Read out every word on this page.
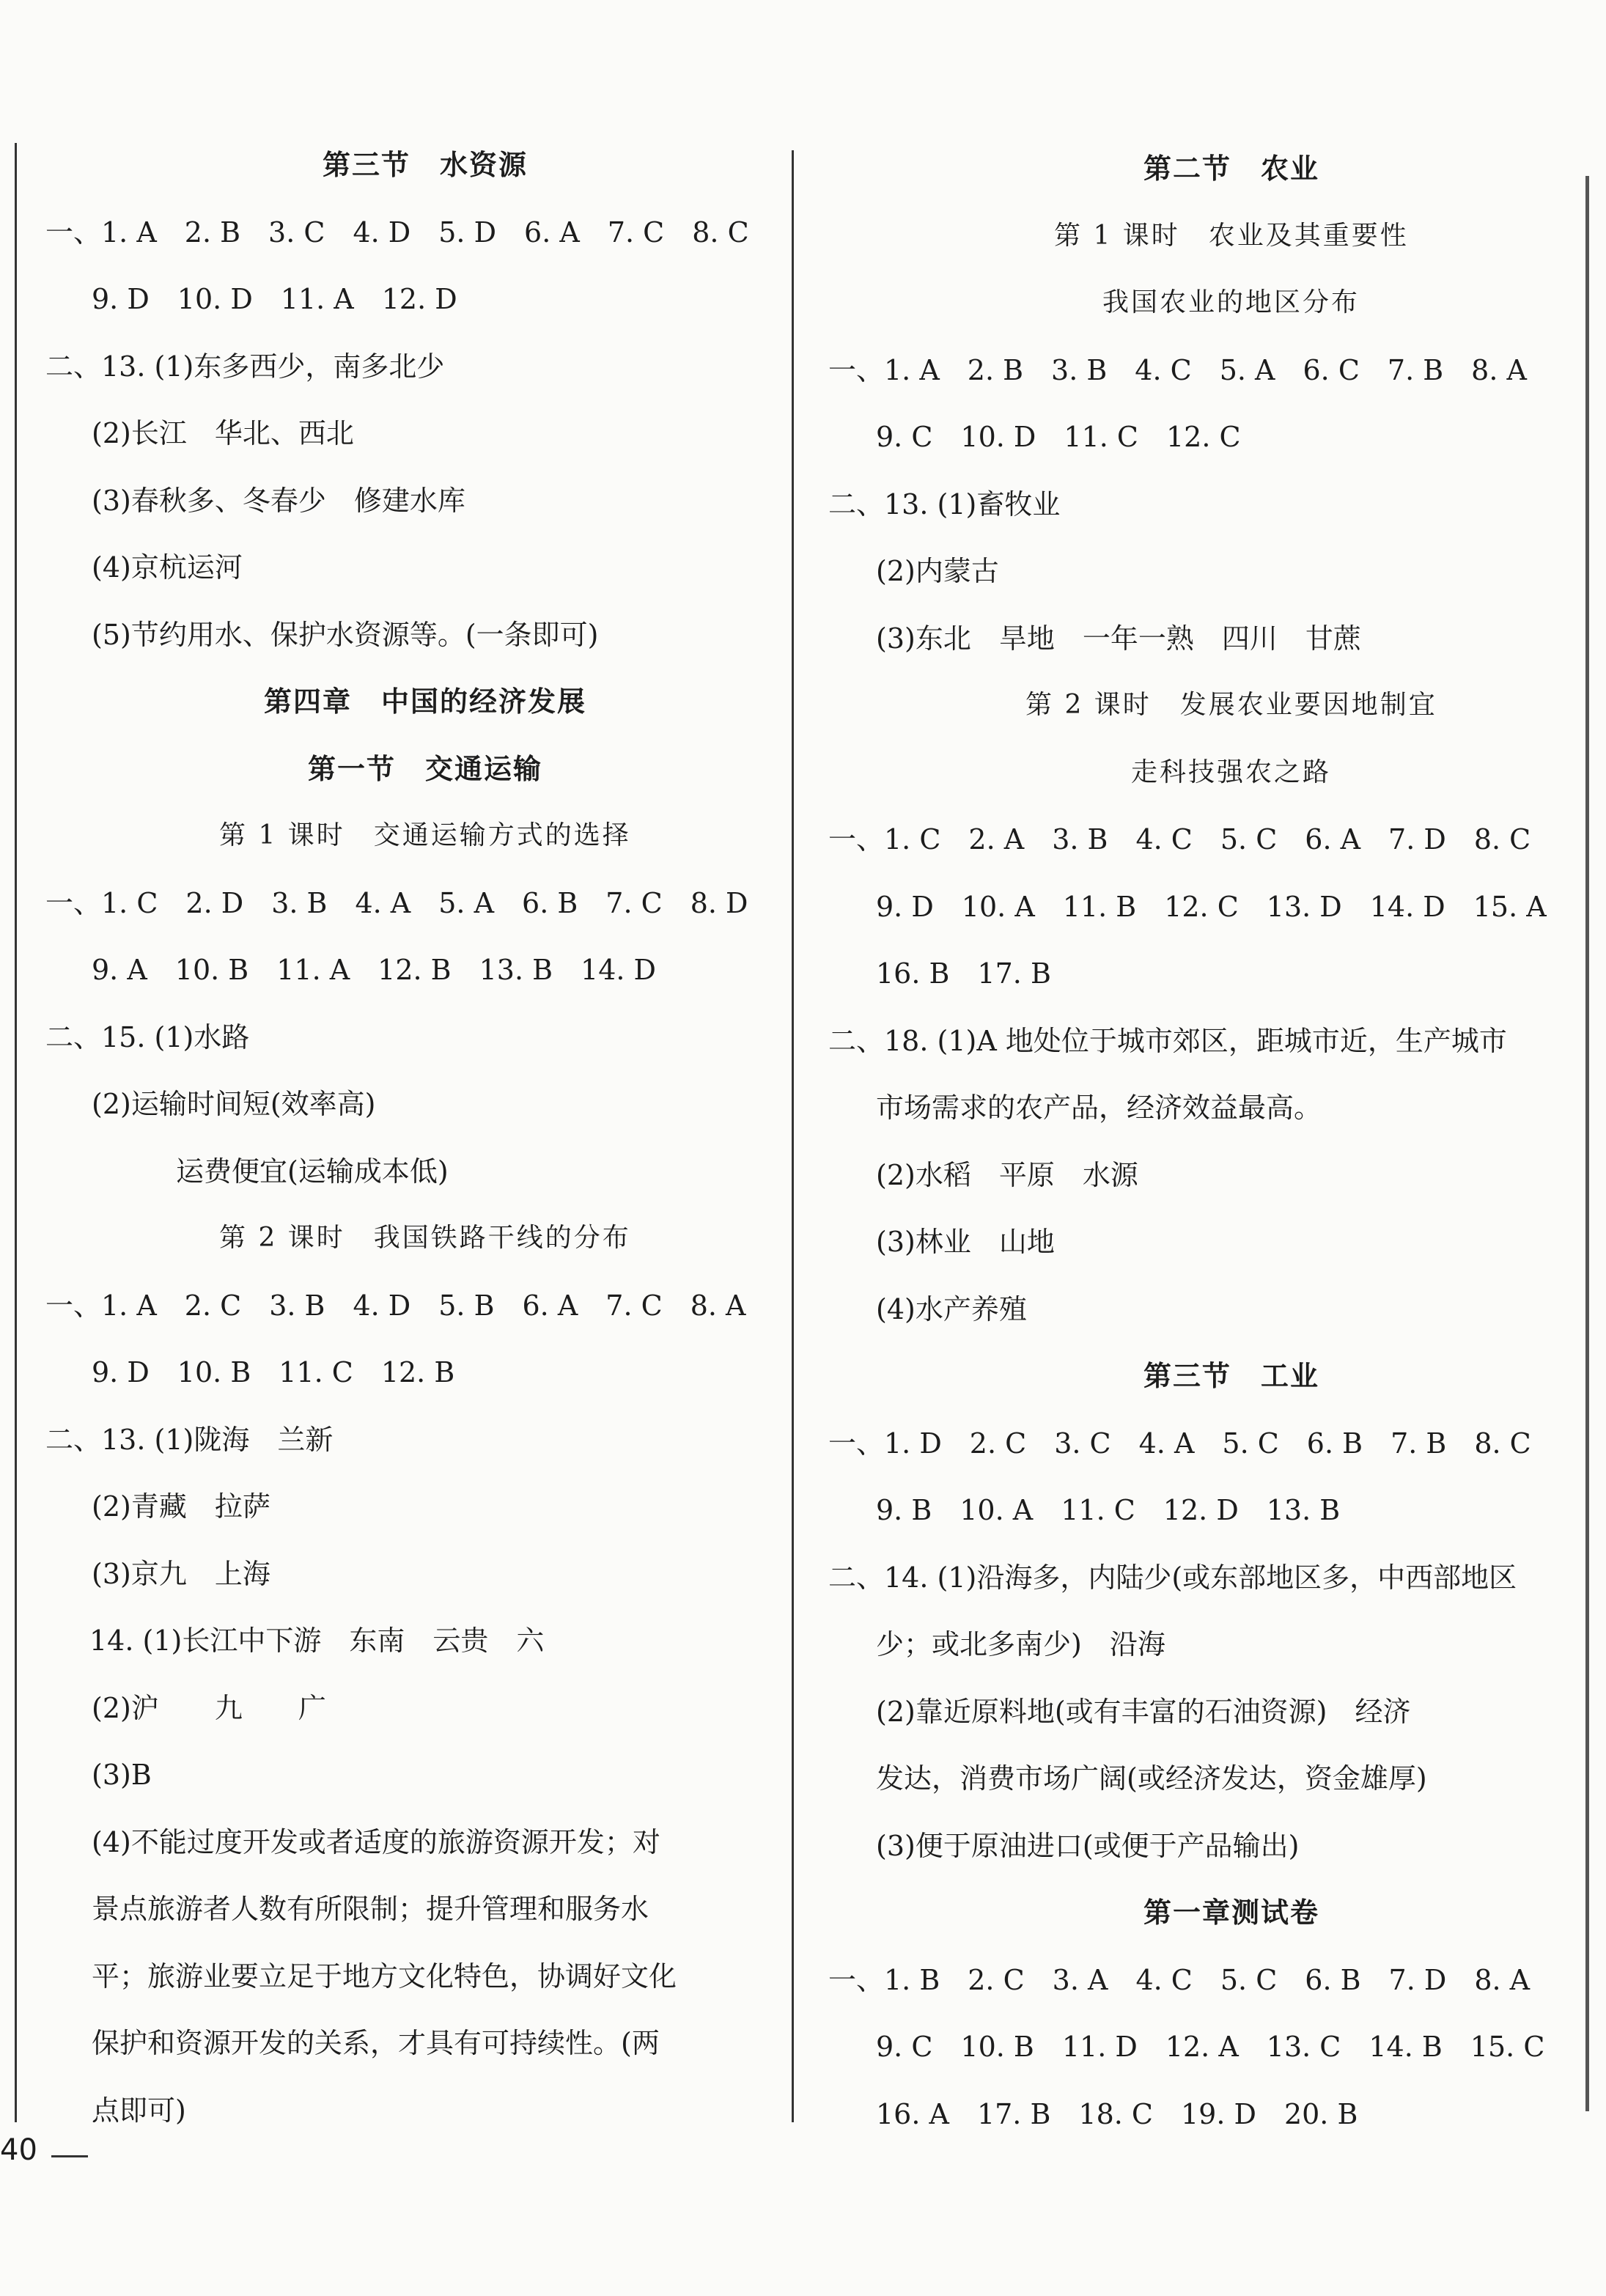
第三节　水资源
一、1. A　2. B　3. C　4. D　5. D　6. A　7. C　8. C
9. D　10. D　11. A　12. D
二、13. (1)东多西少，南多北少
(2)长江　华北、西北
(3)春秋多、冬春少　修建水库
(4)京杭运河
(5)节约用水、保护水资源等。(一条即可)
第四章　中国的经济发展
第一节　交通运输
第 1 课时　交通运输方式的选择
一、1. C　2. D　3. B　4. A　5. A　6. B　7. C　8. D
9. A　10. B　11. A　12. B　13. B　14. D
二、15. (1)水路
(2)运输时间短(效率高)
运费便宜(运输成本低)
第 2 课时　我国铁路干线的分布
一、1. A　2. C　3. B　4. D　5. B　6. A　7. C　8. A
9. D　10. B　11. C　12. B
二、13. (1)陇海　兰新
(2)青藏　拉萨
(3)京九　上海
14. (1)长江中下游　东南　云贵　六
(2)沪　　九　　广
(3)B
(4)不能过度开发或者适度的旅游资源开发；对
景点旅游者人数有所限制；提升管理和服务水
平；旅游业要立足于地方文化特色，协调好文化
保护和资源开发的关系，才具有可持续性。(两
点即可)
第二节　农业
第 1 课时　农业及其重要性
我国农业的地区分布
一、1. A　2. B　3. B　4. C　5. A　6. C　7. B　8. A
9. C　10. D　11. C　12. C
二、13. (1)畜牧业
(2)内蒙古
(3)东北　旱地　一年一熟　四川　甘蔗
第 2 课时　发展农业要因地制宜
走科技强农之路
一、1. C　2. A　3. B　4. C　5. C　6. A　7. D　8. C
9. D　10. A　11. B　12. C　13. D　14. D　15. A
16. B　17. B
二、18. (1)A 地处位于城市郊区，距城市近，生产城市
市场需求的农产品，经济效益最高。
(2)水稻　平原　水源
(3)林业　山地
(4)水产养殖
第三节　工业
一、1. D　2. C　3. C　4. A　5. C　6. B　7. B　8. C
9. B　10. A　11. C　12. D　13. B
二、14. (1)沿海多，内陆少(或东部地区多，中西部地区
少；或北多南少)　沿海
(2)靠近原料地(或有丰富的石油资源)　经济
发达，消费市场广阔(或经济发达，资金雄厚)
(3)便于原油进口(或便于产品输出)
第一章测试卷
一、1. B　2. C　3. A　4. C　5. C　6. B　7. D　8. A
9. C　10. B　11. D　12. A　13. C　14. B　15. C
16. A　17. B　18. C　19. D　20. B
40
